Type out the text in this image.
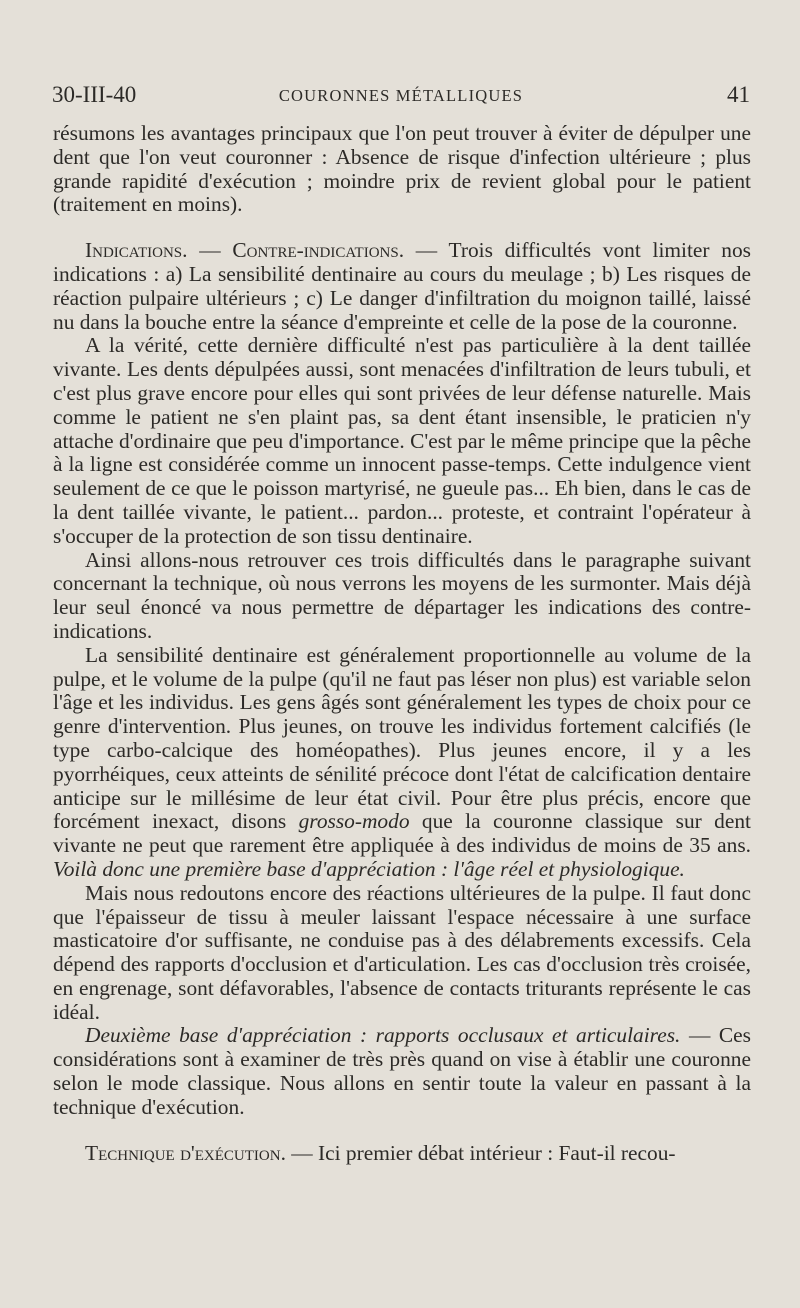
30-III-40	COURONNES MÉTALLIQUES	41

résumons les avantages principaux que l'on peut trouver à éviter de dépulper une dent que l'on veut couronner : Absence de risque d'infection ultérieure ; plus grande rapidité d'exécution ; moindre prix de revient global pour le patient (traitement en moins).

Indications. — Contre-indications. — Trois difficultés vont limiter nos indications : a) La sensibilité dentinaire au cours du meulage ; b) Les risques de réaction pulpaire ultérieurs ; c) Le danger d'infiltration du moignon taillé, laissé nu dans la bouche entre la séance d'empreinte et celle de la pose de la couronne.

A la vérité, cette dernière difficulté n'est pas particulière à la dent taillée vivante. Les dents dépulpées aussi, sont menacées d'infiltration de leurs tubuli, et c'est plus grave encore pour elles qui sont privées de leur défense naturelle. Mais comme le patient ne s'en plaint pas, sa dent étant insensible, le praticien n'y attache d'ordinaire que peu d'importance. C'est par le même principe que la pêche à la ligne est considérée comme un innocent passe-temps. Cette indulgence vient seulement de ce que le poisson martyrisé, ne gueule pas... Eh bien, dans le cas de la dent taillée vivante, le patient... pardon... proteste, et contraint l'opérateur à s'occuper de la protection de son tissu dentinaire.

Ainsi allons-nous retrouver ces trois difficultés dans le paragraphe suivant concernant la technique, où nous verrons les moyens de les surmonter. Mais déjà leur seul énoncé va nous permettre de départager les indications des contre-indications.

La sensibilité dentinaire est généralement proportionnelle au volume de la pulpe, et le volume de la pulpe (qu'il ne faut pas léser non plus) est variable selon l'âge et les individus. Les gens âgés sont généralement les types de choix pour ce genre d'intervention. Plus jeunes, on trouve les individus fortement calcifiés (le type carbo-calcique des homéopathes). Plus jeunes encore, il y a les pyorrhéiques, ceux atteints de sénilité précoce dont l'état de calcification dentaire anticipe sur le millésime de leur état civil. Pour être plus précis, encore que forcément inexact, disons grosso-modo que la couronne classique sur dent vivante ne peut que rarement être appliquée à des individus de moins de 35 ans. Voilà donc une première base d'appréciation : l'âge réel et physiologique.

Mais nous redoutons encore des réactions ultérieures de la pulpe. Il faut donc que l'épaisseur de tissu à meuler laissant l'espace nécessaire à une surface masticatoire d'or suffisante, ne conduise pas à des délabrements excessifs. Cela dépend des rapports d'occlusion et d'articulation. Les cas d'occlusion très croisée, en engrenage, sont défavorables, l'absence de contacts triturants représente le cas idéal.

Deuxième base d'appréciation : rapports occlusaux et articulaires. — Ces considérations sont à examiner de très près quand on vise à établir une couronne selon le mode classique. Nous allons en sentir toute la valeur en passant à la technique d'exécution.

Technique d'exécution. — Ici premier débat intérieur : Faut-il recou-
